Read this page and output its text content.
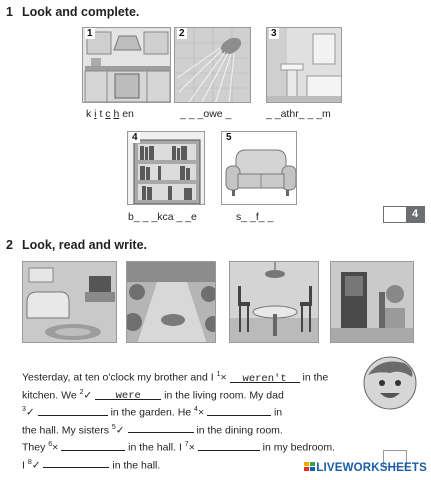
1 Look and complete.
1	2	3
k i t c h en	_ _ _owe _	_ _athr_ _ _m
4	5
b_ _ _kca _ _e	s_ _f_ _	4
2 Look, read and write.
Yesterday, at ten o'clock my brother and I $^1$× weren't in the
kitchen. We $^2$✓ were in the living room. My dad
$^3$✓	in the garden. He $^4$×	in
the hall. My sisters $^5$✓	in the dining room.
They $^6$×	in the hall. I $^7$×	in my bedroom.
I $^8$✓	in the hall.	LIVEWORKSHEETS
